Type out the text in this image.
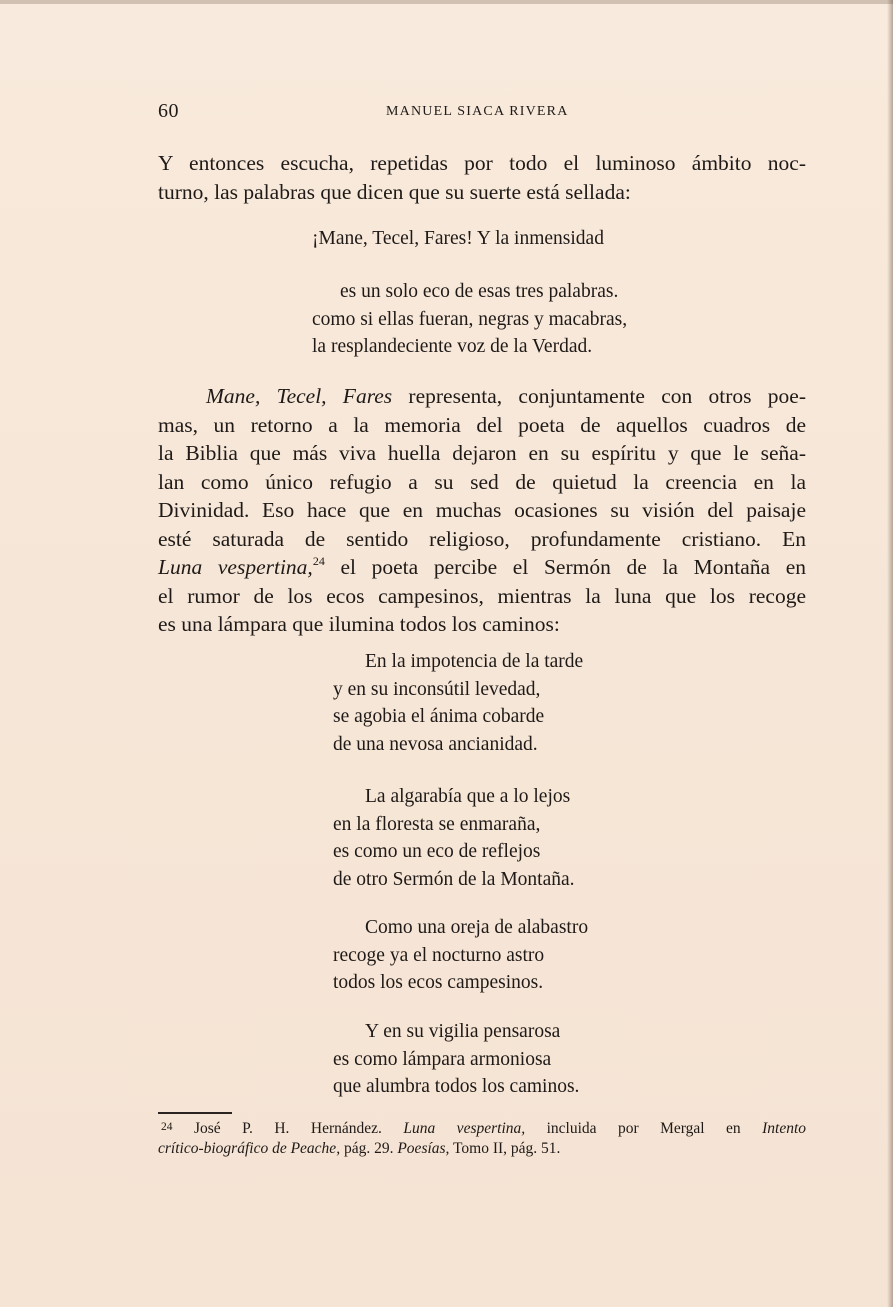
60	MANUEL SIACA RIVERA

Y entonces escucha, repetidas por todo el luminoso ámbito noc-
turno, las palabras que dicen que su suerte está sellada:

¡Mane, Tecel, Fares! Y la inmensidad
es un solo eco de esas tres palabras.
como si ellas fueran, negras y macabras,
la resplandeciente voz de la Verdad.

Mane, Tecel, Fares representa, conjuntamente con otros poe-
mas, un retorno a la memoria del poeta de aquellos cuadros de
la Biblia que más viva huella dejaron en su espíritu y que le seña-
lan como único refugio a su sed de quietud la creencia en la
Divinidad. Eso hace que en muchas ocasiones su visión del paisaje
esté saturada de sentido religioso, profundamente cristiano. En
Luna vespertina,$^{24}$ el poeta percibe el Sermón de la Montaña en
el rumor de los ecos campesinos, mientras la luna que los recoge
es una lámpara que ilumina todos los caminos:

En la impotencia de la tarde
y en su inconsútil levedad,
se agobia el ánima cobarde
de una nevosa ancianidad.
La algarabía que a lo lejos
en la floresta se enmaraña,
es como un eco de reflejos
de otro Sermón de la Montaña.
Como una oreja de alabastro
recoge ya el nocturno astro
todos los ecos campesinos.
Y en su vigilia pensarosa
es como lámpara armoniosa
que alumbra todos los caminos.

24 José P. H. Hernández. Luna vespertina, incluida por Mergal en Intento
crítico-biográfico de Peache, pág. 29. Poesías, Tomo II, pág. 51.
